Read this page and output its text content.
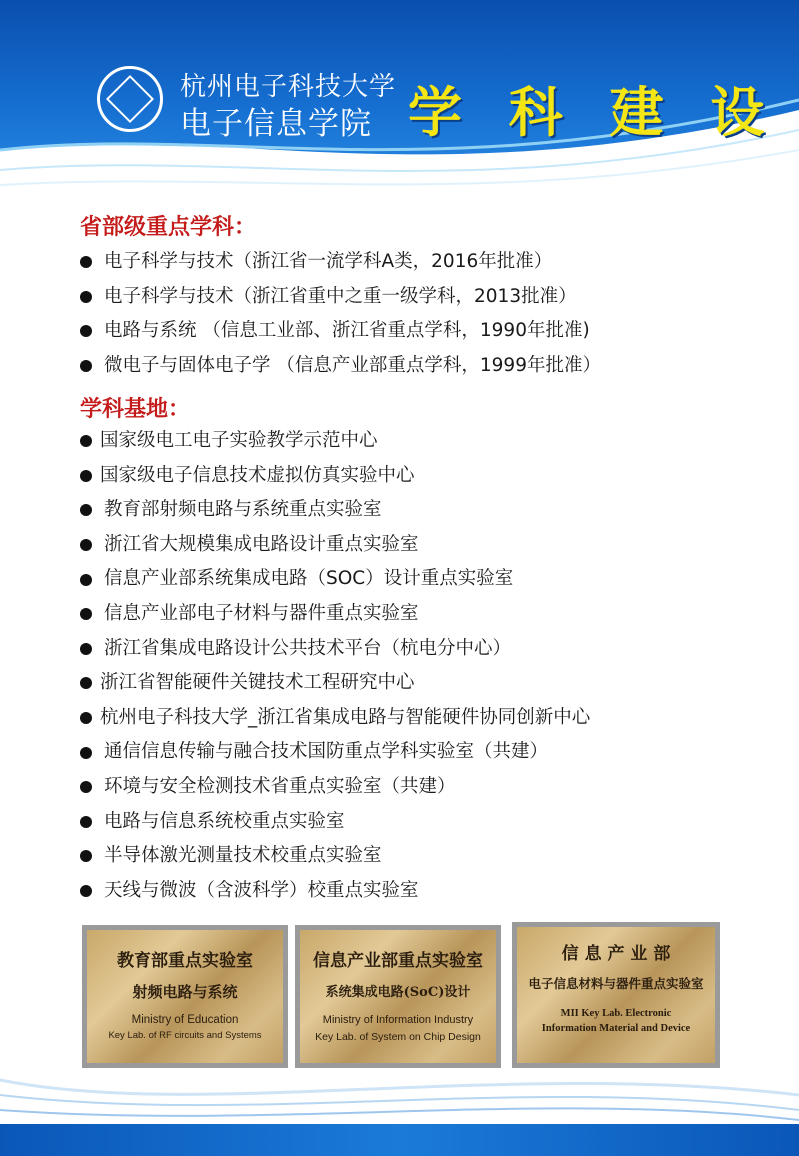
杭州电子科技大学
电子信息学院 学 科 建 设
省部级重点学科：
电子科学与技术（浙江省一流学科A类，2016年批准）
电子科学与技术（浙江省重中之重一级学科，2013批准）
电路与系统 （信息工业部、浙江省重点学科，1990年批准)
微电子与固体电子学 （信息产业部重点学科，1999年批准）
学科基地：
国家级电工电子实验教学示范中心
国家级电子信息技术虚拟仿真实验中心
教育部射频电路与系统重点实验室
浙江省大规模集成电路设计重点实验室
信息产业部系统集成电路（SOC）设计重点实验室
信息产业部电子材料与器件重点实验室
浙江省集成电路设计公共技术平台（杭电分中心）
浙江省智能硬件关键技术工程研究中心
杭州电子科技大学_浙江省集成电路与智能硬件协同创新中心
通信信息传输与融合技术国防重点学科实验室（共建）
环境与安全检测技术省重点实验室（共建）
电路与信息系统校重点实验室
半导体激光测量技术校重点实验室
天线与微波（含波科学）校重点实验室
教育部重点实验室
射频电路与系统
Ministry of Education
Key Lab. of RF circuits and Systems
信息产业部重点实验室
系统集成电路(SoC)设计
Ministry of Information Industry
Key Lab. of System on Chip Design
信 息 产 业 部
电子信息材料与器件重点实验室
MII Key Lab. Electronic
Information Material and Device
